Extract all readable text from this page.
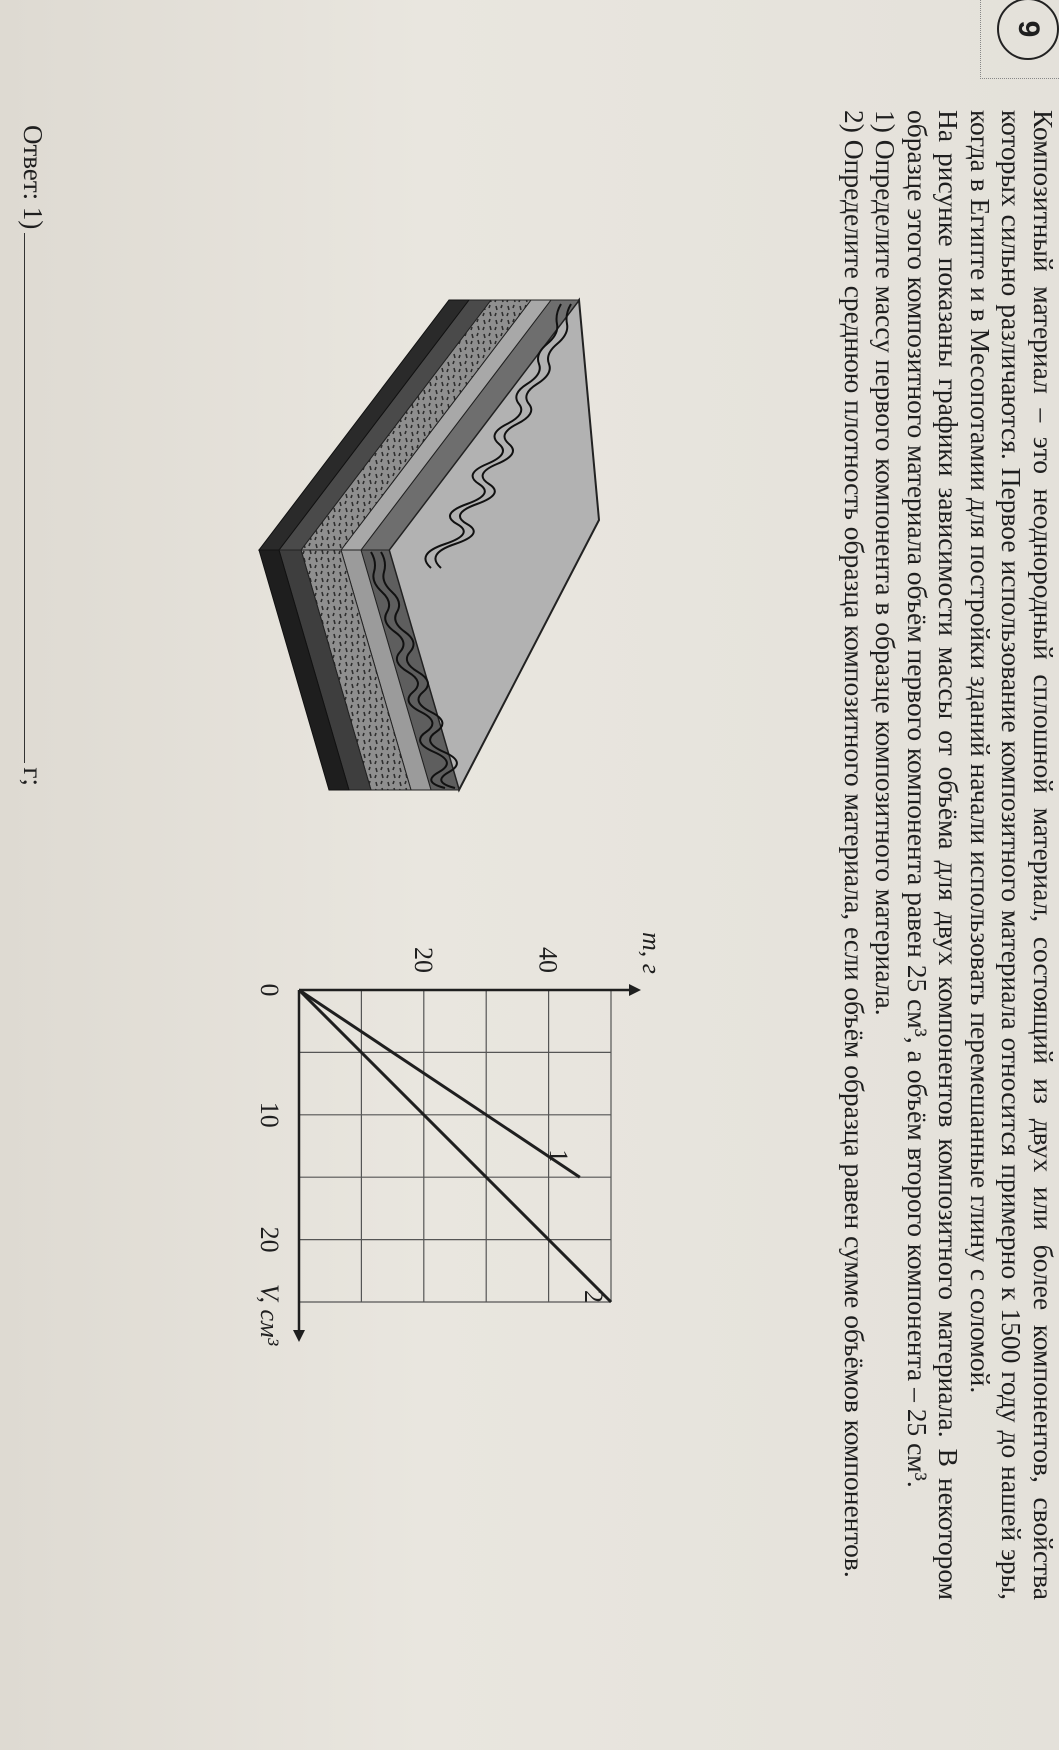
9

Композитный материал – это неоднородный сплошной материал, состоящий из двух или более компонентов, свойства которых сильно различаются. Первое использование композитного материала относится примерно к 1500 году до нашей эры, когда в Египте и в Месопотамии для постройки зданий начали использовать перемешанные глину с соломой.

На рисунке показаны графики зависимости массы от объёма для двух компонентов композитного материала. В некотором образце этого композитного материала объём первого компонента равен 25 см³, а объём второго компонента – 25 см³.

1) Определите массу первого компонента в образце композитного материала.

2) Определите среднюю плотность образца композитного материала, если объём образца равен сумме объёмов компонентов.

1
2
0
10
20
20	40	m, г
V, см³
Ответ: 1)г;
